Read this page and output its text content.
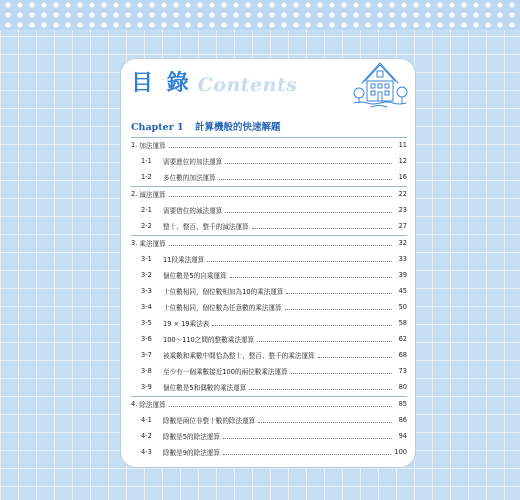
目 錄 Contents
Chapter 1 計算機般的快速解題
1. 加法運算	11
1-1	需要進位的加法運算	12
1-2	多位數的加法運算	16
2. 減法運算	22
2-1	需要借位的減法運算	23
2-2	整十、整百、整千的減法運算	27
3. 乘法運算	32
3-1	11段乘法運算	33
3-2	個位數是5的自乘運算	39
3-3	十位數相同，個位數相加為10的乘法運算	45
3-4	十位數相同，個位數為任意數的乘法運算	50
3-5	19 × 19乘法表	58
3-6	100～110之間的整數乘法運算	62
3-7	被乘數和乘數中間恰為整十、整百、整千的乘法運算	68
3-8	至少有一個乘數接近100的兩位數乘法運算	73
3-9	個位數是5和偶數的乘法運算	80
4. 除法運算	85
4-1	除數是兩位非整十數的除法運算	86
4-2	除數是5的除法運算	94
4-3	除數是9的除法運算	100
